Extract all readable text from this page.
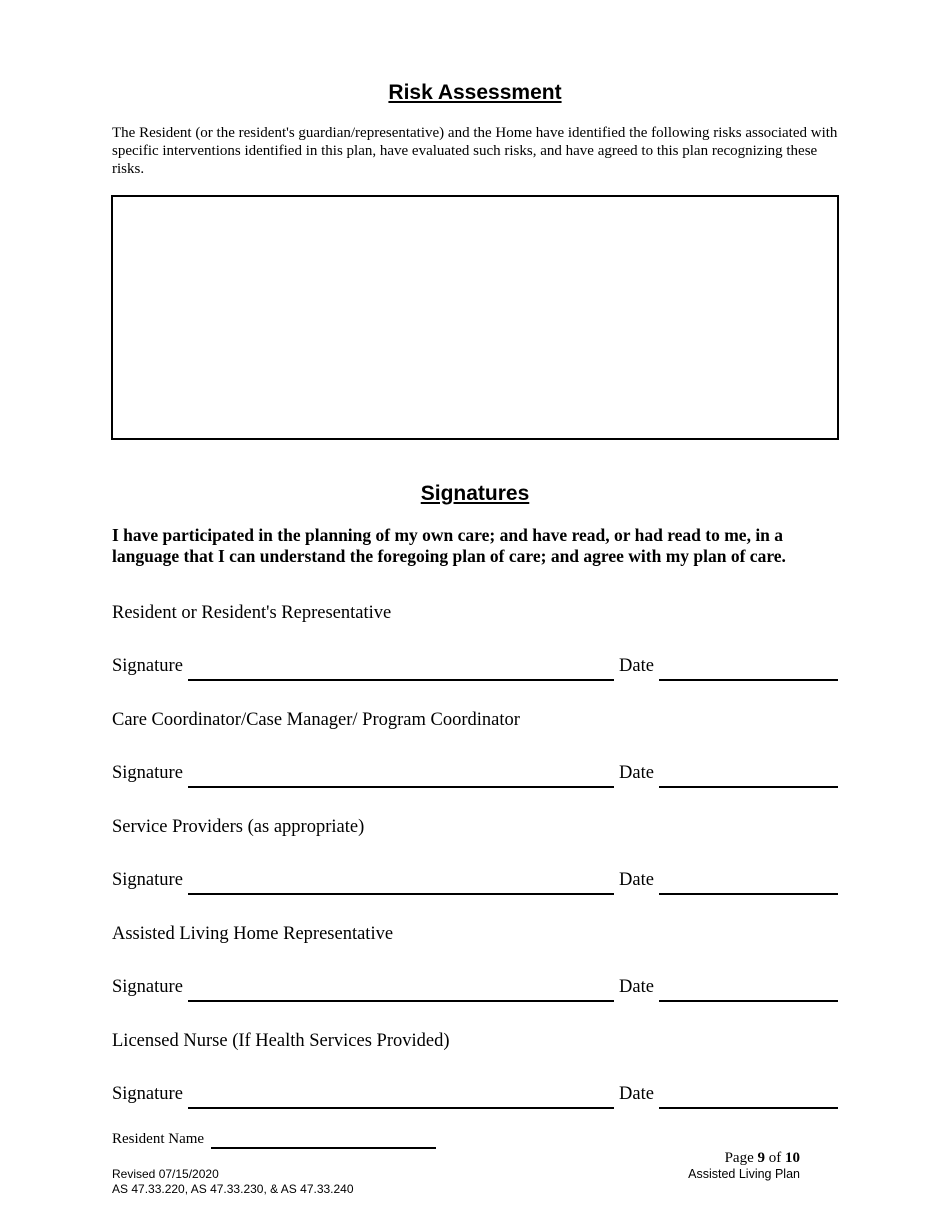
Risk Assessment
The Resident (or the resident's guardian/representative) and the Home have identified the following risks associated with specific interventions identified in this plan, have evaluated such risks, and have agreed to this plan recognizing these risks.
Signatures
I have participated in the planning of my own care; and have read, or had read to me, in a language that I can understand the foregoing plan of care; and agree with my plan of care.
Resident or Resident's Representative
Signature	Date
Care Coordinator/Case Manager/ Program Coordinator
Signature	Date
Service Providers (as appropriate)
Signature	Date
Assisted Living Home Representative
Signature	Date
Licensed Nurse (If Health Services Provided)
Signature	Date
Resident Name
Revised 07/15/2020
AS 47.33.220, AS 47.33.230, & AS 47.33.240
Page 9 of 10
Assisted Living Plan
